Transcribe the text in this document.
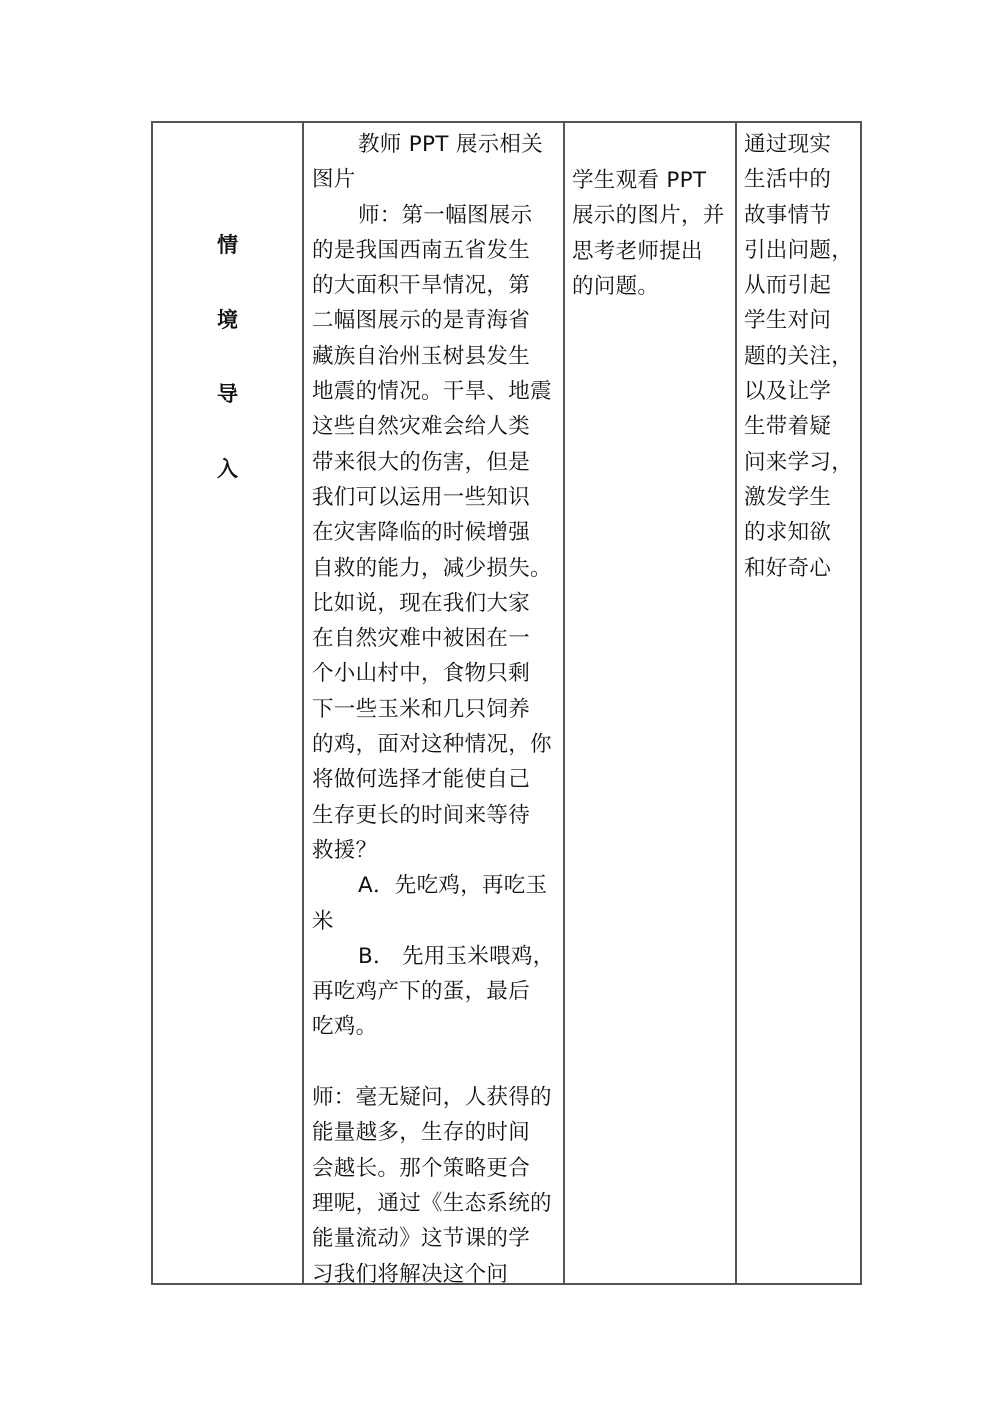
情
境
导
入
教师 PPT 展示相关
图片
师：第一幅图展示
的是我国西南五省发生
的大面积干旱情况，第
二幅图展示的是青海省
藏族自治州玉树县发生
地震的情况。干旱、地震
这些自然灾难会给人类
带来很大的伤害，但是
我们可以运用一些知识
在灾害降临的时候增强
自救的能力，减少损失。
比如说，现在我们大家
在自然灾难中被困在一
个小山村中，食物只剩
下一些玉米和几只饲养
的鸡，面对这种情况，你
将做何选择才能使自己
生存更长的时间来等待
救援？
A．先吃鸡，再吃玉
米
B． 先用玉米喂鸡，
再吃鸡产下的蛋，最后
吃鸡。
师：毫无疑问，人获得的
能量越多，生存的时间
会越长。那个策略更合
理呢，通过《生态系统的
能量流动》这节课的学
习我们将解决这个问
学生观看 PPT
展示的图片，并
思考老师提出
的问题。
通过现实
生活中的
故事情节
引出问题，
从而引起
学生对问
题的关注，
以及让学
生带着疑
问来学习，
激发学生
的求知欲
和好奇心
